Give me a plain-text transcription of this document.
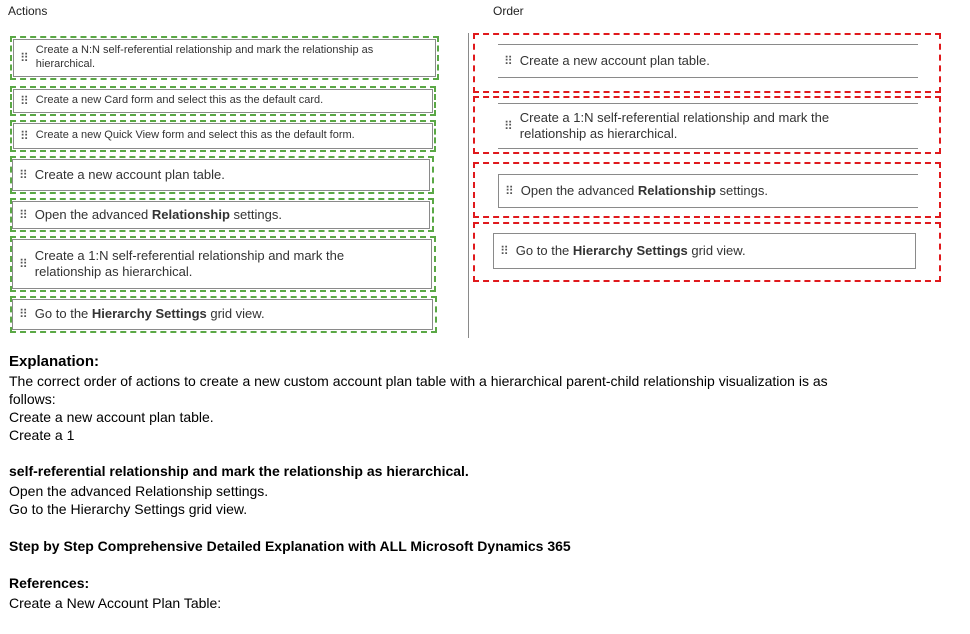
Actions	Order
⠿
Create a N:N self-referential relationship and mark the relationship as
hierarchical.
⠿ Create a new Card form and select this as the default card.
⠿ Create a new Quick View form and select this as the default form.
⠿ Create a new account plan table.
⠿ Open the advanced Relationship settings.
⠿
Create a 1:N self-referential relationship and mark the
relationship as hierarchical.
⠿ Go to the Hierarchy Settings grid view.
⠿ Create a new account plan table.
⠿
Create a 1:N self-referential relationship and mark the
relationship as hierarchical.
⠿ Open the advanced Relationship settings.
⠿ Go to the Hierarchy Settings grid view.
Explanation:
The correct order of actions to create a new custom account plan table with a hierarchical parent-child relationship visualization is as
follows:
Create a new account plan table.
Create a 1
self-referential relationship and mark the relationship as hierarchical.
Open the advanced Relationship settings.
Go to the Hierarchy Settings grid view.
Step by Step Comprehensive Detailed Explanation with ALL Microsoft Dynamics 365
References:
Create a New Account Plan Table:
